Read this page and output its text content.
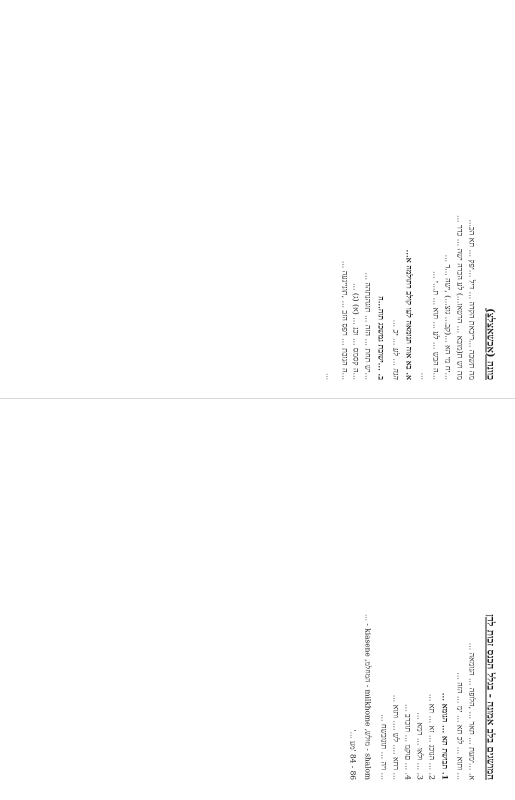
כוונה (אכשאצלצ)
מה תשבה ...ריבאת הקדה ... דיל ...יפק ... תא הכ...
מה וש ת(מובא ... הרטאז...) לע הכרה ישה ... כדר ...
...יח מי הא ...(קב... גוצ...) ,ישה ...ד ...
...ה הבש ... לע ... תוא ... ת...י ...
...
א. בא אוה תנומאה לעו קולב רתולמה א...
הנה ... לע ... יכ ...
ב. ...ישובת גמשכג תוה...ה
...יש תחת ... הזה ... תוגהנתהה ...
...ה קסמס ... וכנ ... (א) (ג) ...
...ה הנובת ... רפס הזב ... ,תוניינעה ...
...
המושגים בלב אמונה - בגלל הכנס זכות לדן
א. ...ימעת ... תאר ... ,הלופה ... הנומאה ...
... ותוא ... לכ תא ... ימ ... הזה ...
1. תבושת תא ... הנומא ...
2. ... הנוכנ ... זא ... תא ...
3. ... ולאו ... רמא ...
4. ... םוקמ ... תוכרב ...
... רחא .... לש .... ותוא ...
... ויה ... תונובשח ...
shalom - מולש, milkhome - המחלמ, kiasene - ...
86 - 84 'מע ...'
